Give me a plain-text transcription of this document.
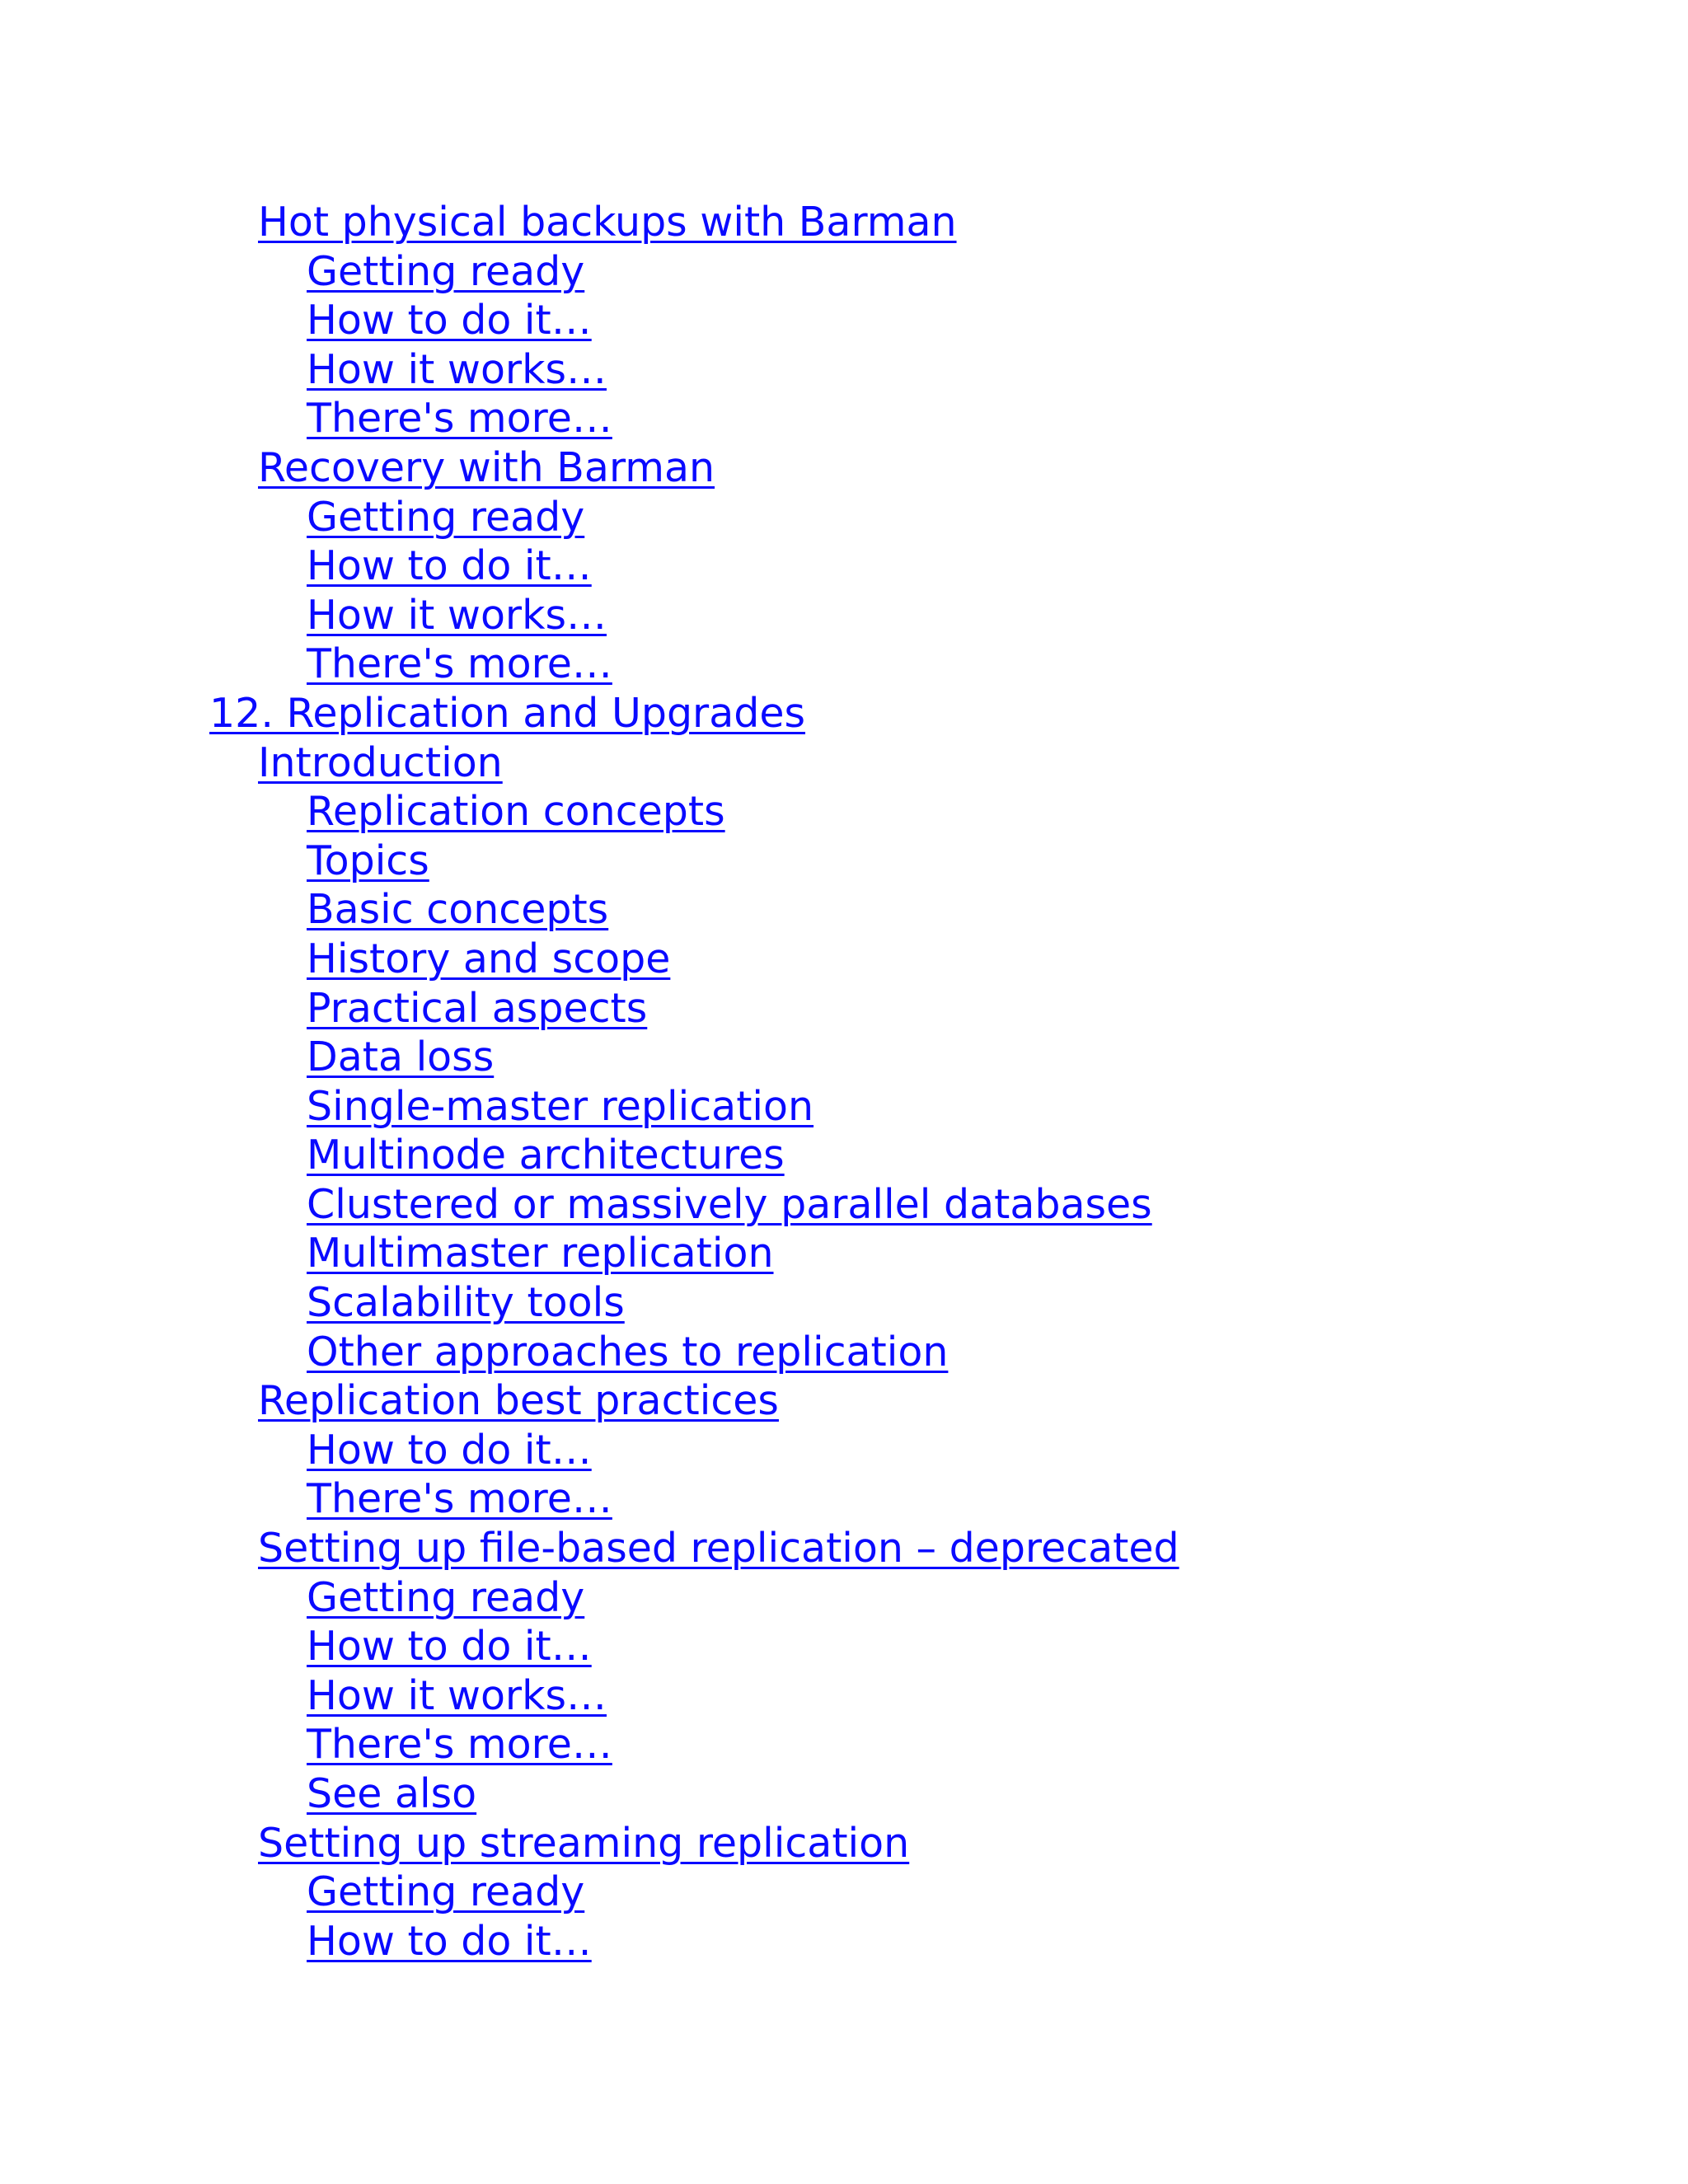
Hot physical backups with Barman
Getting ready
How to do it…
How it works…
There's more…
Recovery with Barman
Getting ready
How to do it…
How it works…
There's more…
12. Replication and Upgrades
Introduction
Replication concepts
Topics
Basic concepts
History and scope
Practical aspects
Data loss
Single-master replication
Multinode architectures
Clustered or massively parallel databases
Multimaster replication
Scalability tools
Other approaches to replication
Replication best practices
How to do it…
There's more…
Setting up file-based replication – deprecated
Getting ready
How to do it…
How it works…
There's more…
See also
Setting up streaming replication
Getting ready
How to do it…
